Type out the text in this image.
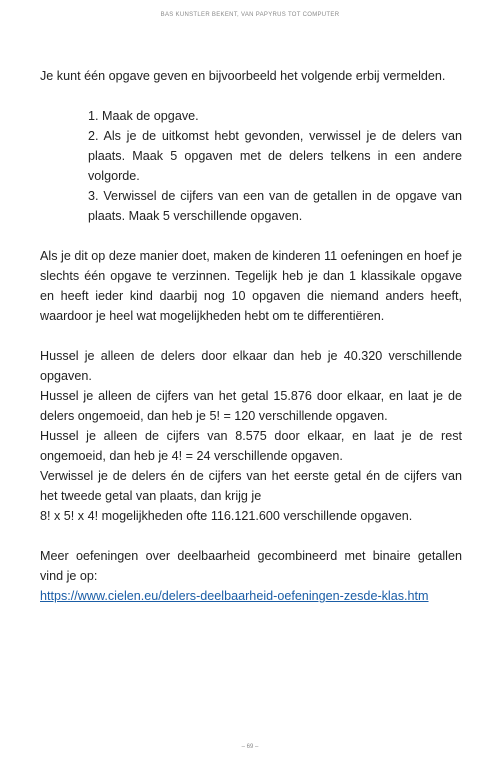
BAS KUNSTLER BEKENT, VAN PAPYRUS TOT COMPUTER

Je kunt één opgave geven en bijvoorbeeld het volgende erbij vermelden.

1. Maak de opgave.

2. Als je de uitkomst hebt gevonden, verwissel je de delers van plaats. Maak 5 opgaven met de delers telkens in een andere volgorde.

3. Verwissel de cijfers van een van de getallen in de opgave van plaats. Maak 5 verschillende opgaven.

Als je dit op deze manier doet, maken de kinderen 11 oefeningen en hoef je slechts één opgave te verzinnen. Tegelijk heb je dan 1 klassikale opgave en heeft ieder kind daarbij nog 10 opgaven die niemand anders heeft, waardoor je heel wat mogelijkheden hebt om te differentiëren.

Hussel je alleen de delers door elkaar dan heb je 40.320 verschillende opgaven.

Hussel je alleen de cijfers van het getal 15.876 door elkaar, en laat je de delers ongemoeid, dan heb je 5! = 120 verschillende opgaven.

Hussel je alleen de cijfers van 8.575 door elkaar, en laat je de rest ongemoeid, dan heb je 4! = 24 verschillende opgaven.

Verwissel je de delers én de cijfers van het eerste getal én de cijfers van het tweede getal van plaats, dan krijg je

8! x 5! x 4! mogelijkheden ofte 116.121.600 verschillende opgaven.

Meer oefeningen over deelbaarheid gecombineerd met binaire getallen vind je op:

https://www.cielen.eu/delers-deelbaarheid-oefeningen-zesde-klas.htm
– 69 –
